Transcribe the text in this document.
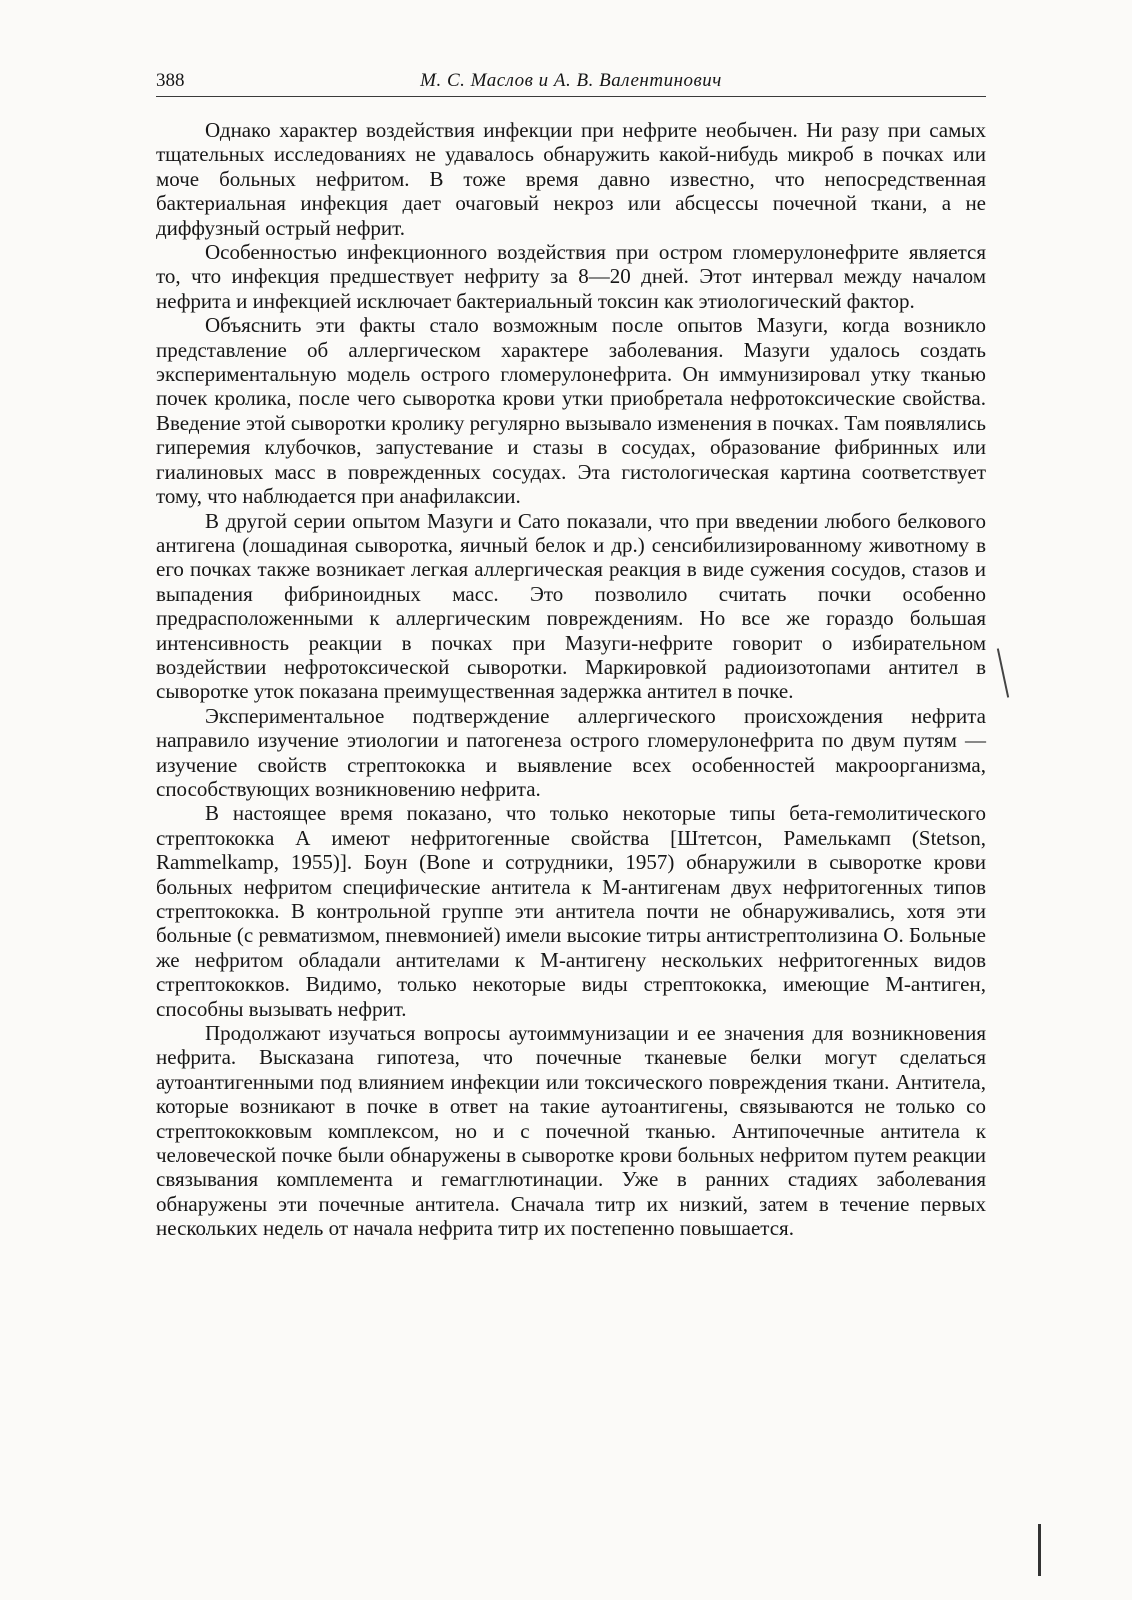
388	М. С. Маслов и А. В. Валентинович

Однако характер воздействия инфекции при нефрите необычен. Ни разу при самых тщательных исследованиях не удавалось обнаружить какой-нибудь микроб в почках или моче больных нефритом. В тоже время давно известно, что непосредственная бактериальная инфекция дает очаговый некроз или абсцессы почечной ткани, а не диффузный острый нефрит.

Особенностью инфекционного воздействия при остром гломерулонефрите является то, что инфекция предшествует нефриту за 8—20 дней. Этот интервал между началом нефрита и инфекцией исключает бактериальный токсин как этиологический фактор.

Объяснить эти факты стало возможным после опытов Мазуги, когда возникло представление об аллергическом характере заболевания. Мазуги удалось создать экспериментальную модель острого гломерулонефрита. Он иммунизировал утку тканью почек кролика, после чего сыворотка крови утки приобретала нефротоксические свойства. Введение этой сыворотки кролику регулярно вызывало изменения в почках. Там появлялись гиперемия клубочков, запустевание и стазы в сосудах, образование фибринных или гиалиновых масс в поврежденных сосудах. Эта гистологическая картина соответствует тому, что наблюдается при анафилаксии.

В другой серии опытом Мазуги и Сато показали, что при введении любого белкового антигена (лошадиная сыворотка, яичный белок и др.) сенсибилизированному животному в его почках также возникает легкая аллергическая реакция в виде сужения сосудов, стазов и выпадения фибриноидных масс. Это позволило считать почки особенно предрасположенными к аллергическим повреждениям. Но все же гораздо большая интенсивность реакции в почках при Мазуги-нефрите говорит о избирательном воздействии нефротоксической сыворотки. Маркировкой радиоизотопами антител в сыворотке уток показана преимущественная задержка антител в почке.

Экспериментальное подтверждение аллергического происхождения нефрита направило изучение этиологии и патогенеза острого гломерулонефрита по двум путям — изучение свойств стрептококка и выявление всех особенностей макроорганизма, способствующих возникновению нефрита.

В настоящее время показано, что только некоторые типы бета-гемолитического стрептококка А имеют нефритогенные свойства [Штетсон, Рамелькамп (Stetson, Rammelkamp, 1955)]. Боун (Bone и сотрудники, 1957) обнаружили в сыворотке крови больных нефритом специфические антитела к М-антигенам двух нефритогенных типов стрептококка. В контрольной группе эти антитела почти не обнаруживались, хотя эти больные (с ревматизмом, пневмонией) имели высокие титры антистрептолизина О. Больные же нефритом обладали антителами к М-антигену нескольких нефритогенных видов стрептококков. Видимо, только некоторые виды стрептококка, имеющие М-антиген, способны вызывать нефрит.

Продолжают изучаться вопросы аутоиммунизации и ее значения для возникновения нефрита. Высказана гипотеза, что почечные тканевые белки могут сделаться аутоантигенными под влиянием инфекции или токсического повреждения ткани. Антитела, которые возникают в почке в ответ на такие аутоантигены, связываются не только со стрептококковым комплексом, но и с почечной тканью. Антипочечные антитела к человеческой почке были обнаружены в сыворотке крови больных нефритом путем реакции связывания комплемента и гемагглютинации. Уже в ранних стадиях заболевания обнаружены эти почечные антитела. Сначала титр их низкий, затем в течение первых нескольких недель от начала нефрита титр их постепенно повышается.
